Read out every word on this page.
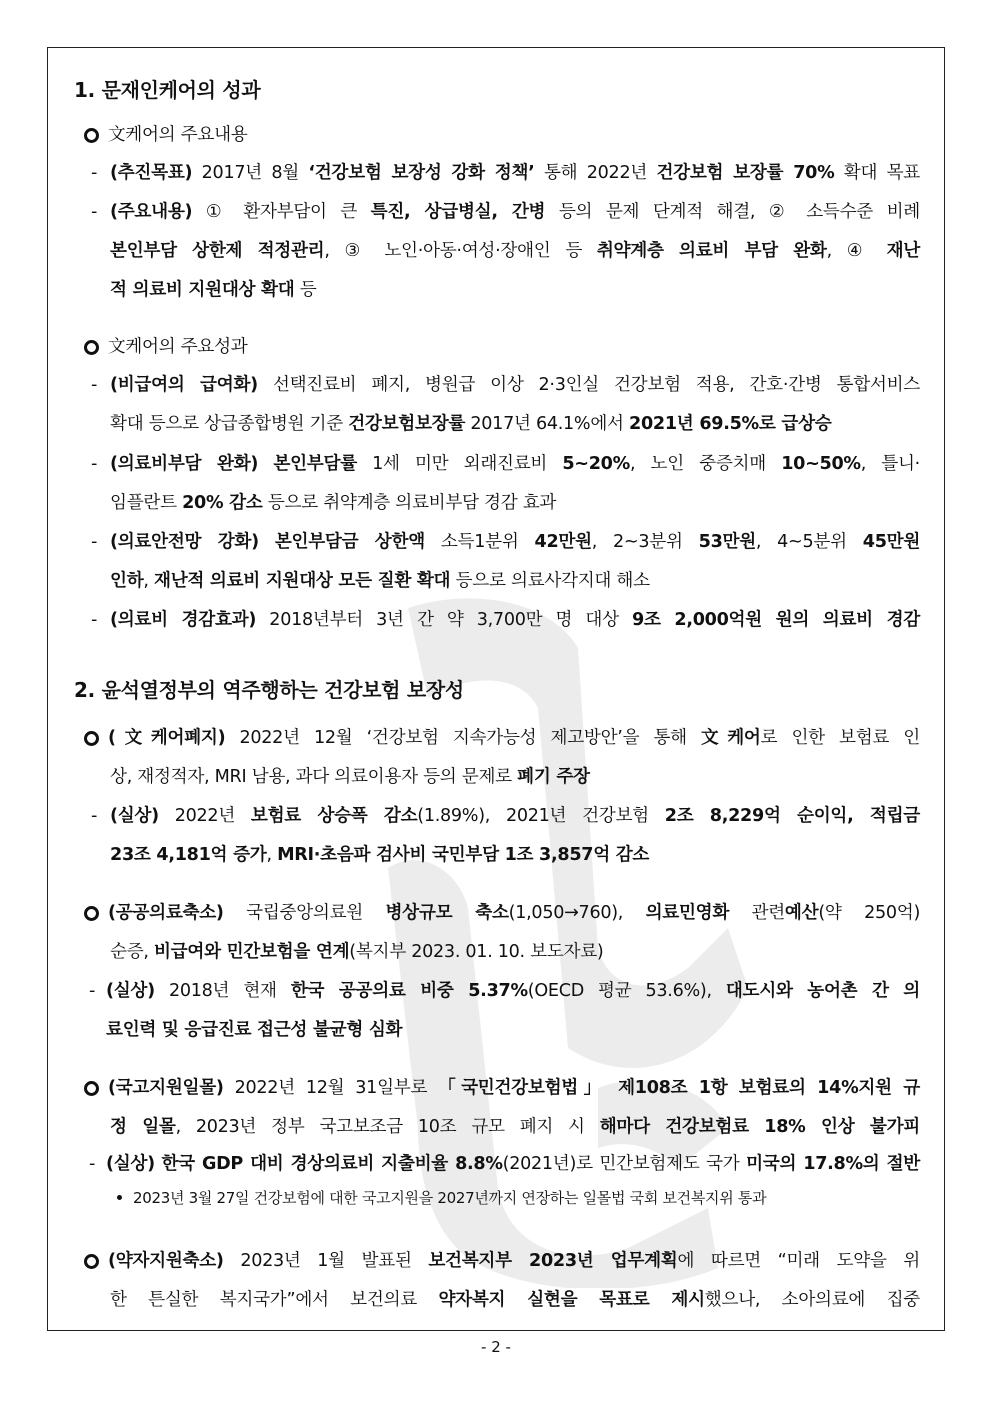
1. 문재인케어의 성과
文케어의 주요내용
- (추진목표) 2017년 8월 ‘건강보험 보장성 강화 정책’ 통해 2022년 건강보험 보장률 70% 확대 목표
- (주요내용) ① 환자부담이 큰 특진, 상급병실, 간병 등의 문제 단계적 해결, ② 소득수준 비례
본인부담 상한제 적정관리, ③ 노인·아동·여성·장애인 등 취약계층 의료비 부담 완화, ④ 재난
적 의료비 지원대상 확대 등
文케어의 주요성과
- (비급여의 급여화) 선택진료비 폐지, 병원급 이상 2·3인실 건강보험 적용, 간호·간병 통합서비스
확대 등으로 상급종합병원 기준 건강보험보장률 2017년 64.1%에서 2021년 69.5%로 급상승
- (의료비부담 완화) 본인부담률 1세 미만 외래진료비 5~20%, 노인 중증치매 10~50%, 틀니·
임플란트 20% 감소 등으로 취약계층 의료비부담 경감 효과
- (의료안전망 강화) 본인부담금 상한액 소득1분위 42만원, 2~3분위 53만원, 4~5분위 45만원
인하, 재난적 의료비 지원대상 모든 질환 확대 등으로 의료사각지대 해소
- (의료비 경감효과) 2018년부터 3년 간 약 3,700만 명 대상 9조 2,000억원 원의 의료비 경감
2. 윤석열정부의 역주행하는 건강보험 보장성
(文케어폐지) 2022년 12월 ‘건강보험 지속가능성 제고방안’을 통해 文케어로 인한 보험료 인
상, 재정적자, MRI 남용, 과다 의료이용자 등의 문제로 폐기 주장
- (실상) 2022년 보험료 상승폭 감소(1.89%), 2021년 건강보험 2조 8,229억 순이익, 적립금
23조 4,181억 증가, MRI·초음파 검사비 국민부담 1조 3,857억 감소
(공공의료축소) 국립중앙의료원 병상규모 축소(1,050→760), 의료민영화 관련예산(약 250억)
순증, 비급여와 민간보험을 연계(복지부 2023. 01. 10. 보도자료)
- (실상) 2018년 현재 한국 공공의료 비중 5.37%(OECD 평균 53.6%), 대도시와 농어촌 간 의
료인력 및 응급진료 접근성 불균형 심화
(국고지원일몰) 2022년 12월 31일부로 「국민건강보험법」 제108조 1항 보험료의 14%지원 규
정 일몰, 2023년 정부 국고보조금 10조 규모 폐지 시 해마다 건강보험료 18% 인상 불가피
- (실상) 한국 GDP 대비 경상의료비 지출비율 8.8%(2021년)로 민간보험제도 국가 미국의 17.8%의 절반
2023년 3월 27일 건강보험에 대한 국고지원을 2027년까지 연장하는 일몰법 국회 보건복지위 통과
(약자지원축소) 2023년 1월 발표된 보건복지부 2023년 업무계획에 따르면 “미래 도약을 위
한 튼실한 복지국가”에서 보건의료 약자복지 실현을 목표로 제시했으나, 소아의료에 집중
- 2 -
